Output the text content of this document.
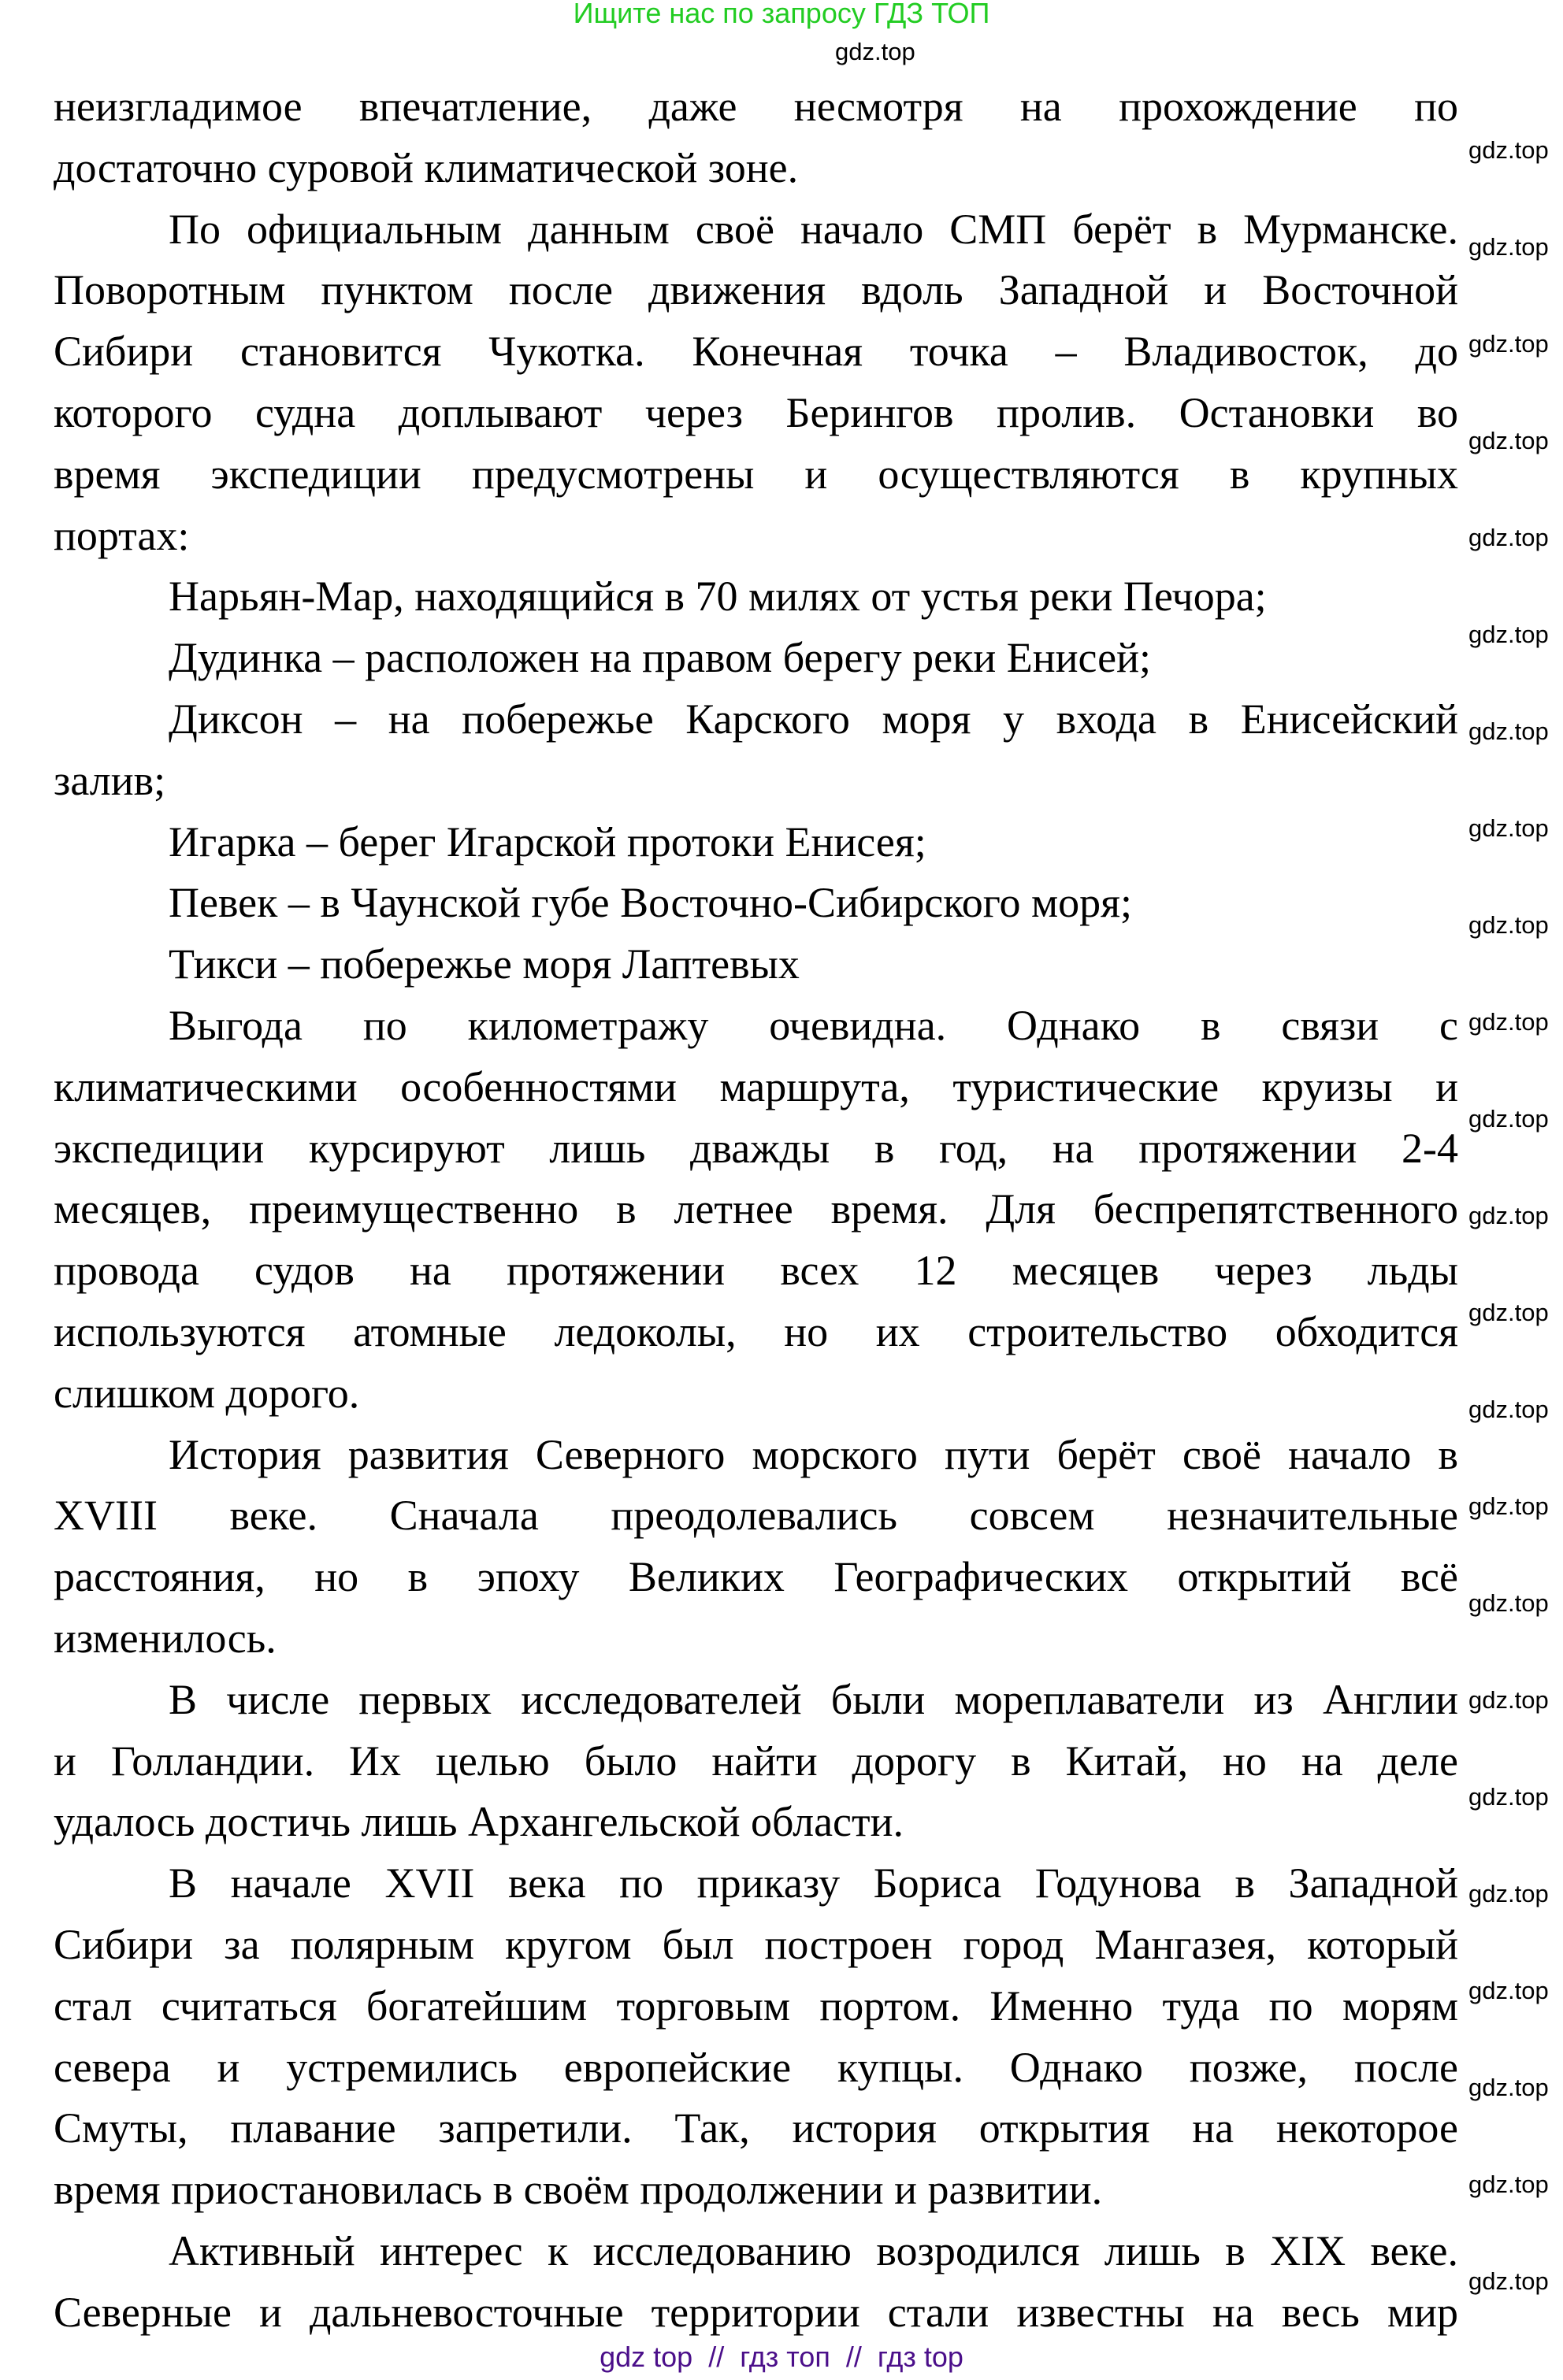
Ищите нас по запросу ГДЗ ТОП
неизгладимое впечатление, даже несмотря на прохождение по
достаточно суровой климатической зоне.
По официальным данным своё начало СМП берёт в Мурманске.
Поворотным пунктом после движения вдоль Западной и Восточной
Сибири становится Чукотка. Конечная точка – Владивосток, до
которого судна доплывают через Берингов пролив. Остановки во
время экспедиции предусмотрены и осуществляются в крупных
портах:
Нарьян-Мар, находящийся в 70 милях от устья реки Печора;
Дудинка – расположен на правом берегу реки Енисей;
Диксон – на побережье Карского моря у входа в Енисейский
залив;
Игарка – берег Игарской протоки Енисея;
Певек – в Чаунской губе Восточно-Сибирского моря;
Тикси – побережье моря Лаптевых
Выгода по километражу очевидна. Однако в связи с
климатическими особенностями маршрута, туристические круизы и
экспедиции курсируют лишь дважды в год, на протяжении 2-4
месяцев, преимущественно в летнее время. Для беспрепятственного
провода судов на протяжении всех 12 месяцев через льды
используются атомные ледоколы, но их строительство обходится
слишком дорого.
История развития Северного морского пути берёт своё начало в
XVIII веке. Сначала преодолевались совсем незначительные
расстояния, но в эпоху Великих Географических открытий всё
изменилось.
В числе первых исследователей были мореплаватели из Англии
и Голландии. Их целью было найти дорогу в Китай, но на деле
удалось достичь лишь Архангельской области.
В начале XVII века по приказу Бориса Годунова в Западной
Сибири за полярным кругом был построен город Мангазея, который
стал считаться богатейшим торговым портом. Именно туда по морям
севера и устремились европейские купцы. Однако позже, после
Смуты, плавание запретили. Так, история открытия на некоторое
время приостановилась в своём продолжении и развитии.
Активный интерес к исследованию возродился лишь в XIX веке.
Северные и дальневосточные территории стали известны на весь мир
gdz top  //  гдз топ  //  гдз top
gdz.top
gdz.top
gdz.top
gdz.top
gdz.top
gdz.top
gdz.top
gdz.top
gdz.top
gdz.top
gdz.top
gdz.top
gdz.top
gdz.top
gdz.top
gdz.top
gdz.top
gdz.top
gdz.top
gdz.top
gdz.top
gdz.top
gdz.top
gdz.top
